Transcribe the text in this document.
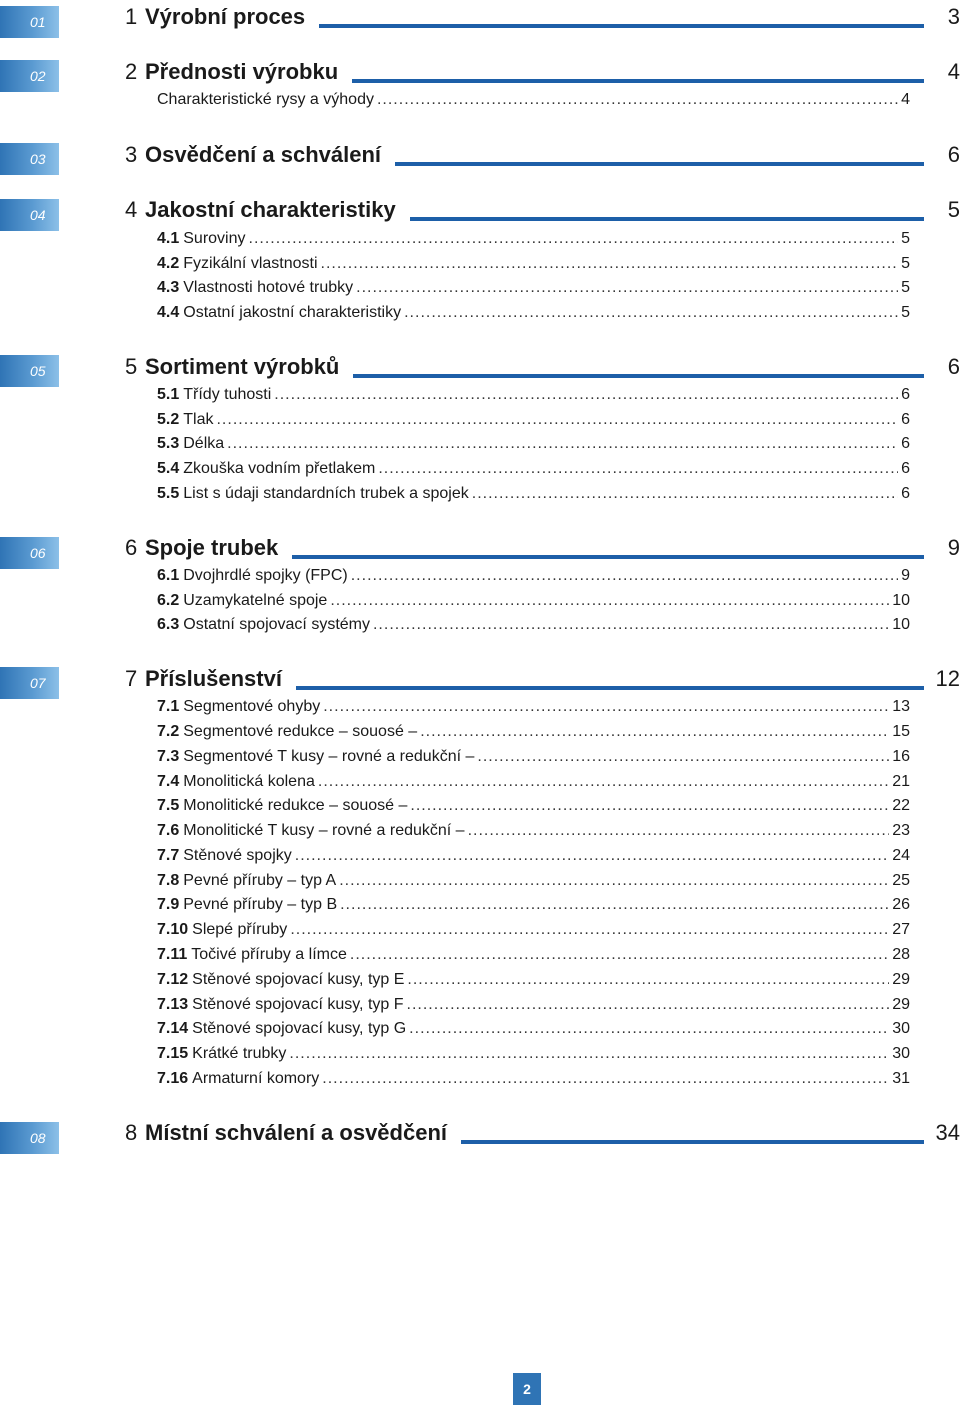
01	1 Výrobní proces	3
02	2 Přednosti výrobku	4
Charakteristické rysy a výhody .....	4
03	3 Osvědčení a schválení	6
04	4 Jakostní charakteristiky	5
4.1 Suroviny .....	5
4.2 Fyzikální vlastnosti .....	5
4.3 Vlastnosti hotové trubky .....	5
4.4 Ostatní jakostní charakteristiky .....	5
05	5 Sortiment výrobků	6
5.1 Třídy tuhosti .....	6
5.2 Tlak .....	6
5.3 Délka .....	6
5.4 Zkouška vodním přetlakem .....	6
5.5 List s údaji standardních trubek a spojek .....	6
06	6 Spoje trubek	9
6.1 Dvojhrdlé spojky (FPC) .....	9
6.2 Uzamykatelné spoje .....	10
6.3 Ostatní spojovací systémy .....	10
07	7 Příslušenství	12
7.1 Segmentové ohyby .....	13
7.2 Segmentové redukce – souosé – .....	15
7.3 Segmentové T kusy – rovné a redukční – .....	16
7.4 Monolitická kolena .....	21
7.5 Monolitické redukce – souosé – .....	22
7.6 Monolitické T kusy – rovné a redukční – .....	23
7.7 Stěnové spojky .....	24
7.8 Pevné příruby – typ A .....	25
7.9 Pevné příruby – typ B .....	26
7.10 Slepé příruby .....	27
7.11 Točivé příruby a límce .....	28
7.12 Stěnové spojovací kusy, typ E .....	29
7.13 Stěnové spojovací kusy, typ F .....	29
7.14 Stěnové spojovací kusy, typ G .....	30
7.15 Krátké trubky .....	30
7.16 Armaturní komory .....	31
08	8 Místní schválení a osvědčení	34
2
